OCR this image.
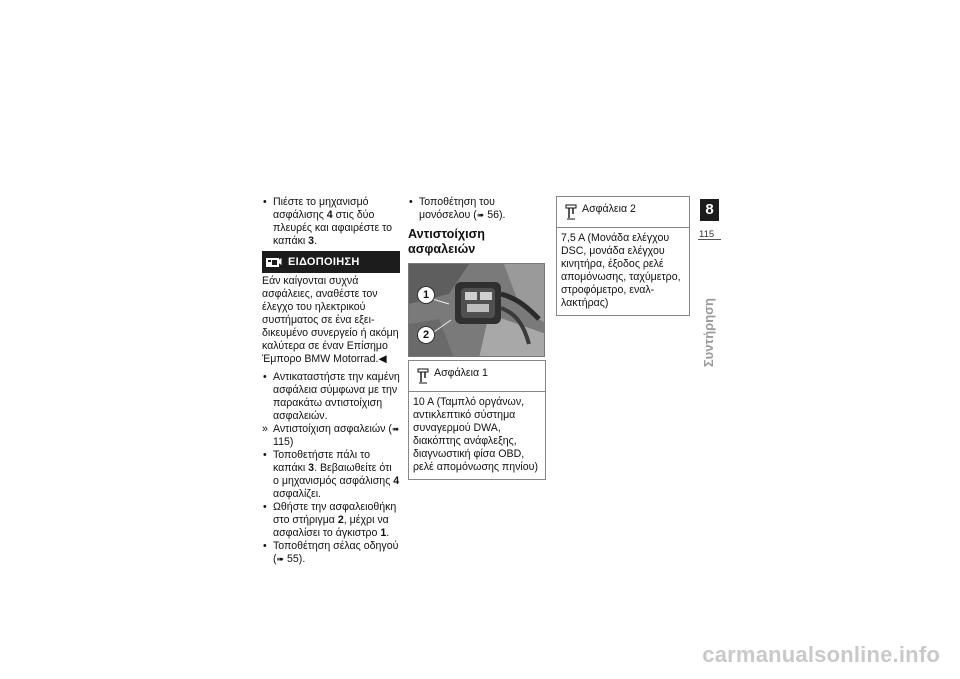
• Πιέστε το μηχανισμό ασφάλισης 4 στις δύο πλευρές και αφαιρέστε το καπάκι 3.
ΕΙΔΟΠΟΙΗΣΗ
Εάν καίγονται συχνά ασφάλειες, αναθέστε τον έλεγχο του ηλεκτρικού συστήματος σε ένα εξειδικευμένο συνεργείο ή ακόμη καλύτερα σε έναν Επίσημο Έμπορο BMW Motorrad.◀
• Αντικαταστήστε την καμένη ασφάλεια σύμφωνα με την παρακάτω αντιστοίχιση ασφαλειών.
» Αντιστοίχιση ασφαλειών (➠ 115)
• Τοποθετήστε πάλι το καπάκι 3. Βεβαιωθείτε ότι ο μηχανισμός ασφάλισης 4 ασφαλίζει.
• Ωθήστε την ασφαλειοθήκη στο στήριγμα 2, μέχρι να ασφαλίσει το άγκιστρο 1.
• Τοποθέτηση σέλας οδηγού (➠ 55).
• Τοποθέτηση του μονόσελου (➠ 56).
Αντιστοίχιση ασφαλειών
1
2
Ασφάλεια 1
10 A (Ταμπλό οργάνων, αντικλεπτικό σύστημα συναγερμού DWA, διακόπτης ανάφλεξης, διαγνωστική φίσα OBD, ρελέ απομόνωσης πηνίου)
Ασφάλεια 2
7,5 A (Μονάδα ελέγχου DSC, μονάδα ελέγχου κινητήρα, έξοδος ρελέ απομόνωσης, ταχύμετρο, στροφόμετρο, εναλλακτήρας)
8
115
Συντήρηση
carmanualsonline.info
